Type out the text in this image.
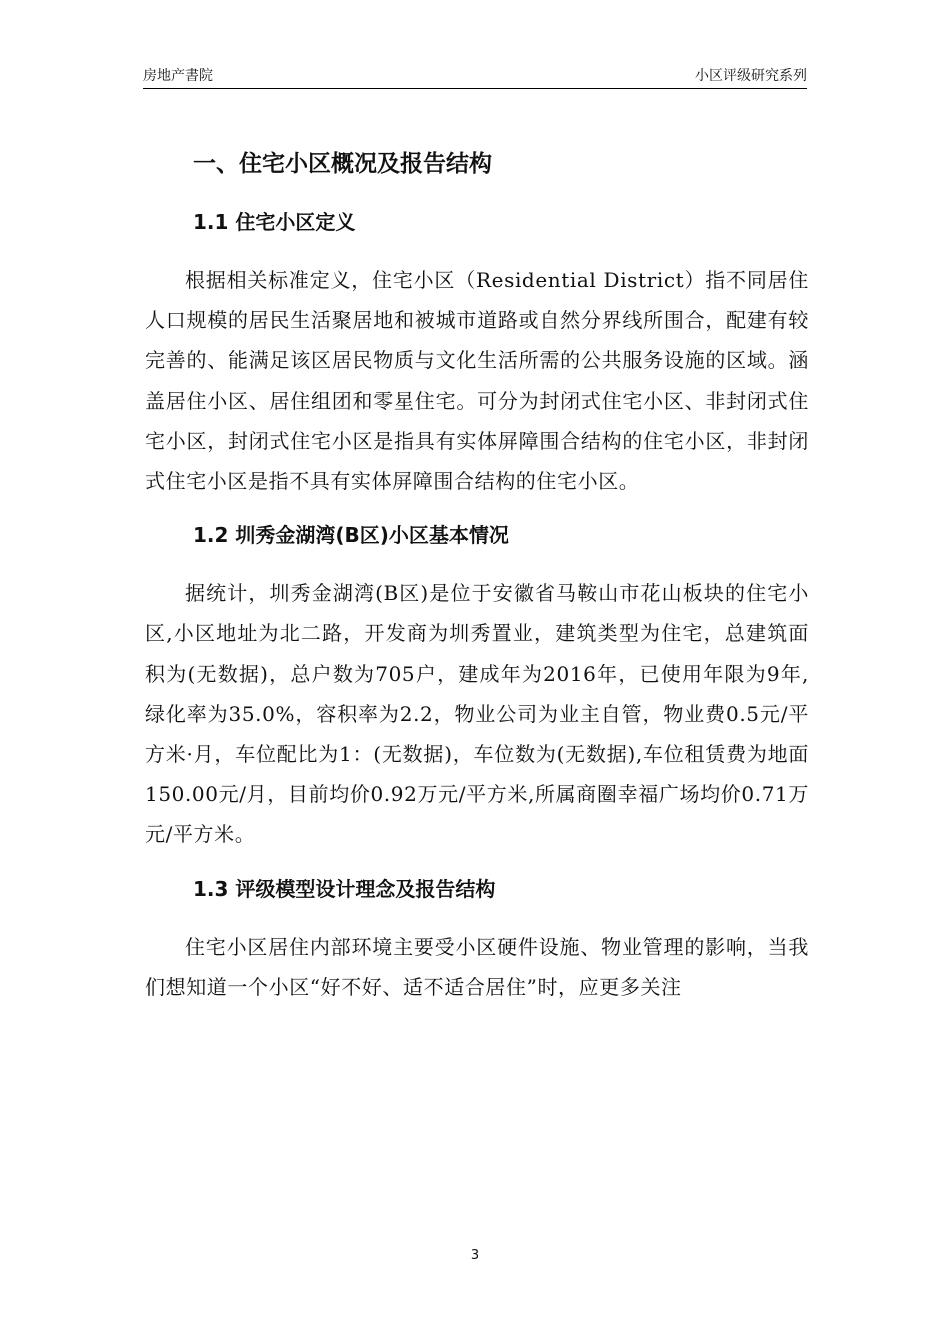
房地产書院	小区评级研究系列
一、住宅小区概况及报告结构
1.1 住宅小区定义

根据相关标准定义，住宅小区（Residential District）指不同居住人口规模的居民生活聚居地和被城市道路或自然分界线所围合，配建有较完善的、能满足该区居民物质与文化生活所需的公共服务设施的区域。涵盖居住小区、居住组团和零星住宅。可分为封闭式住宅小区、非封闭式住宅小区，封闭式住宅小区是指具有实体屏障围合结构的住宅小区，非封闭式住宅小区是指不具有实体屏障围合结构的住宅小区。

1.2 圳秀金湖湾(B区)小区基本情况

据统计，圳秀金湖湾(B区)是位于安徽省马鞍山市花山板块的住宅小区,小区地址为北二路，开发商为圳秀置业，建筑类型为住宅，总建筑面积为(无数据)，总户数为705户，建成年为2016年，已使用年限为9年,绿化率为35.0%，容积率为2.2，物业公司为业主自管，物业费0.5元/平方米·月，车位配比为1：(无数据)，车位数为(无数据),车位租赁费为地面150.00元/月，目前均价0.92万元/平方米,所属商圈幸福广场均价0.71万元/平方米。

1.3 评级模型设计理念及报告结构

住宅小区居住内部环境主要受小区硬件设施、物业管理的影响，当我们想知道一个小区“好不好、适不适合居住”时，应更多关注

3
